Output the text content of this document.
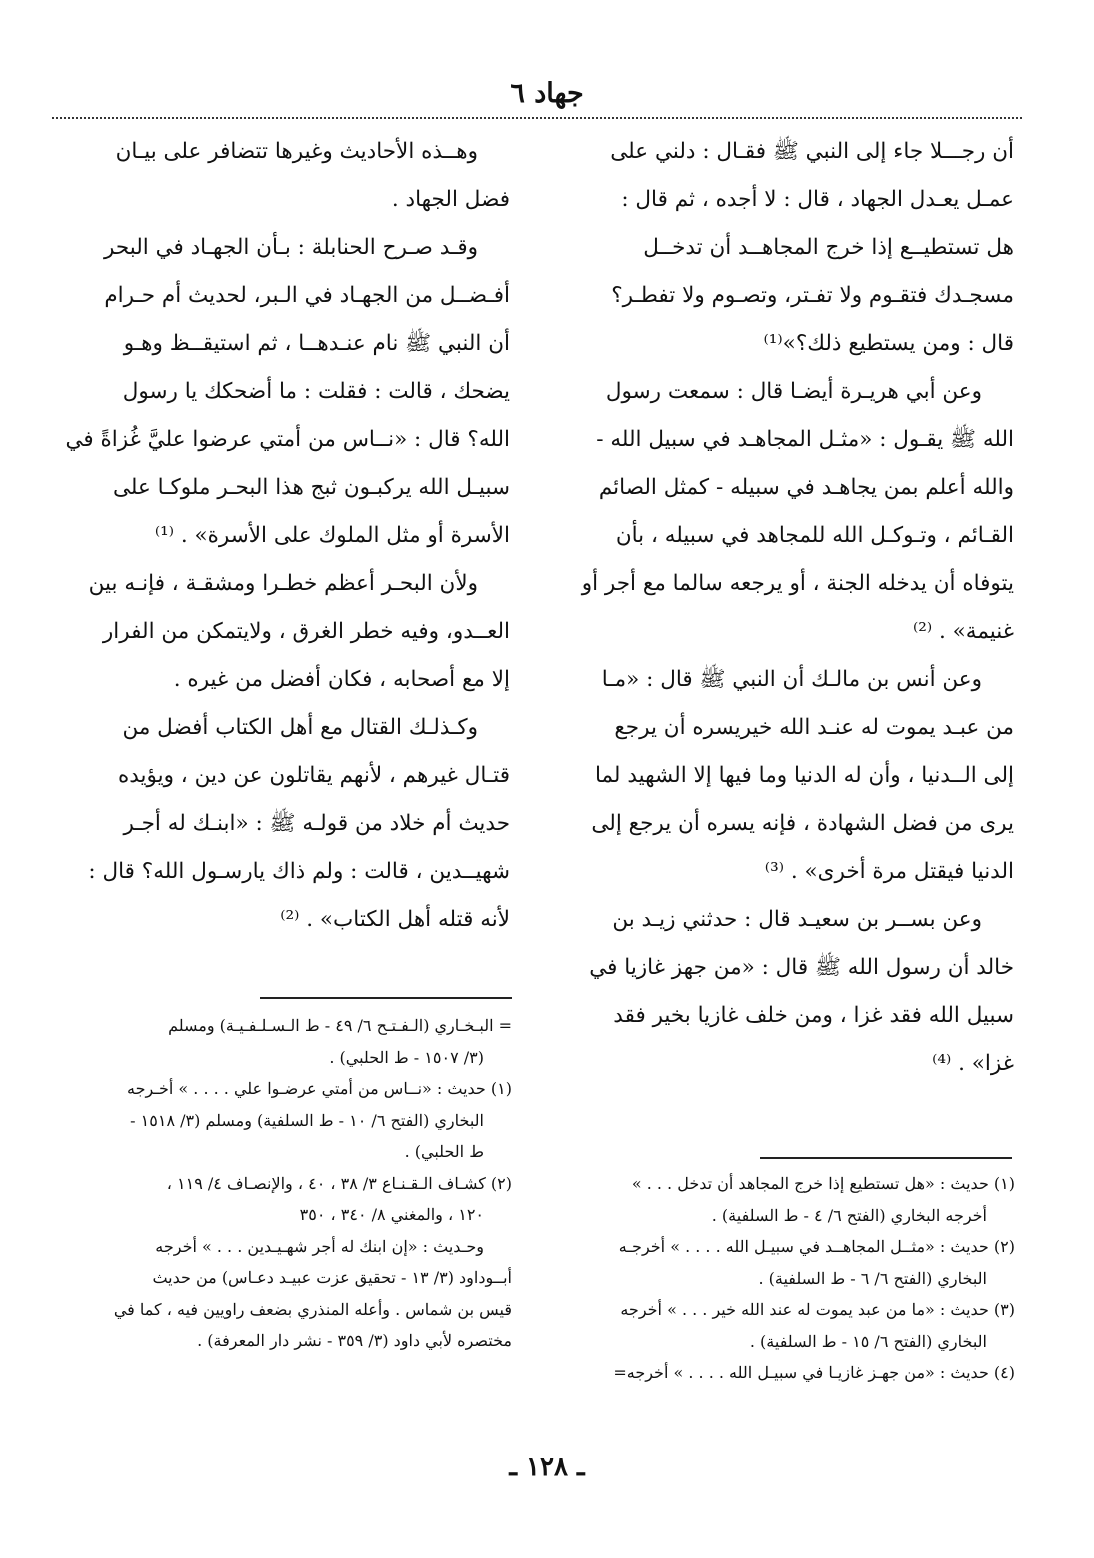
جهاد ٦
أن رجـــلا جاء إلى النبي ﷺ فقـال : دلني على
عمـل يعـدل الجهاد ، قال : لا أجده ، ثم قال :
هل تستطيــع إذا خرج المجاهــد أن تدخــل
مسجـدك فتقـوم ولا تفـتر، وتصـوم ولا تفطـر؟
قال : ومن يستطيع ذلك؟»⁽¹⁾
وعن أبي هريـرة أيضـا قال : سمعت رسول
الله ﷺ يقـول : «مثـل المجاهـد في سبيل الله -
والله أعلم بمن يجاهـد في سبيله - كمثل الصائم
القـائم ، وتـوكـل الله للمجاهد في سبيله ، بأن
يتوفاه أن يدخله الجنة ، أو يرجعه سالما مع أجر أو
غنيمة» . ⁽²⁾
وعن أنس بن مالـك أن النبي ﷺ قال : «مـا
من عبـد يموت له عنـد الله خيريسره أن يرجع
إلى الــدنيا ، وأن له الدنيا وما فيها إلا الشهيد لما
يرى من فضل الشهادة ، فإنه يسره أن يرجع إلى
الدنيا فيقتل مرة أخرى» . ⁽³⁾
وعن بســر بن سعيـد قال : حدثني زيـد بن
خالد أن رسول الله ﷺ قال : «من جهز غازيا في
سبيل الله فقد غزا ، ومن خلف غازيا بخير فقد
غزا» . ⁽⁴⁾
(١) حديث : «هل تستطيع إذا خرج المجاهد أن تدخل . . . »
أخرجه البخاري (الفتح ٦/ ٤ - ط السلفية) .
(٢) حديث : «مثــل المجاهــد في سبيـل الله . . . . » أخرجـه
البخاري (الفتح ٦/ ٦ - ط السلفية) .
(٣) حديث : «ما من عبد يموت له عند الله خير . . . » أخرجه
البخاري (الفتح ٦/ ١٥ - ط السلفية) .
(٤) حديث : «من جهـز غازيـا في سبيـل الله . . . . » أخرجه=
وهــذه الأحاديث وغيرها تتضافر على بيـان
فضل الجهاد .
وقـد صـرح الحنابلة : بـأن الجهـاد في البحر
أفـضــل من الجهـاد في الـبر، لحديث أم حـرام
أن النبي ﷺ نام عنـدهــا ، ثم استيقــظ وهـو
يضحك ، قالت : فقلت : ما أضحكك يا رسول
الله؟ قال : «نــاس من أمتي عرضوا عليَّ غُزاةً في
سبيـل الله يركبـون ثبج هذا البحـر ملوكـا على
الأسرة أو مثل الملوك على الأسرة» . ⁽¹⁾
ولأن البحـر أعظم خطـرا ومشقـة ، فإنـه بين
العــدو، وفيه خطر الغرق ، ولايتمكن من الفرار
إلا مع أصحابه ، فكان أفضل من غيره .
وكـذلـك القتال مع أهل الكتاب أفضل من
قتـال غيرهم ، لأنهم يقاتلون عن دين ، ويؤيده
حديث أم خلاد من قولـه ﷺ : «ابنـك له أجـر
شهيــدين ، قالت : ولم ذاك يارسـول الله؟ قال :
لأنه قتله أهل الكتاب» . ⁽²⁾
= البـخـاري (الـفـتـح ٦/ ٤٩ - ط الـسـلـفـيـة) ومسلم
(٣/ ١٥٠٧ - ط الحلبي) .
(١) حديث : «نــاس من أمتي عرضـوا علي . . . . » أخـرجه
البخاري (الفتح ٦/ ١٠ - ط السلفية) ومسلم (٣/ ١٥١٨ -
ط الحلبي) .
(٢) كشـاف الـقـنـاع ٣/ ٣٨ ، ٤٠ ، والإنصـاف ٤/ ١١٩ ،
١٢٠ ، والمغني ٨/ ٣٤٠ ، ٣٥٠
وحـديث : «إن ابنك له أجر شهـيـدين . . . » أخرجه
أبــوداود (٣/ ١٣ - تحقيق عزت عبيـد دعـاس) من حديث
قيس بن شماس . وأعله المنذري بضعف راويين فيه ، كما في
مختصره لأبي داود (٣/ ٣٥٩ - نشر دار المعرفة) .
ـ ١٢٨ ـ
